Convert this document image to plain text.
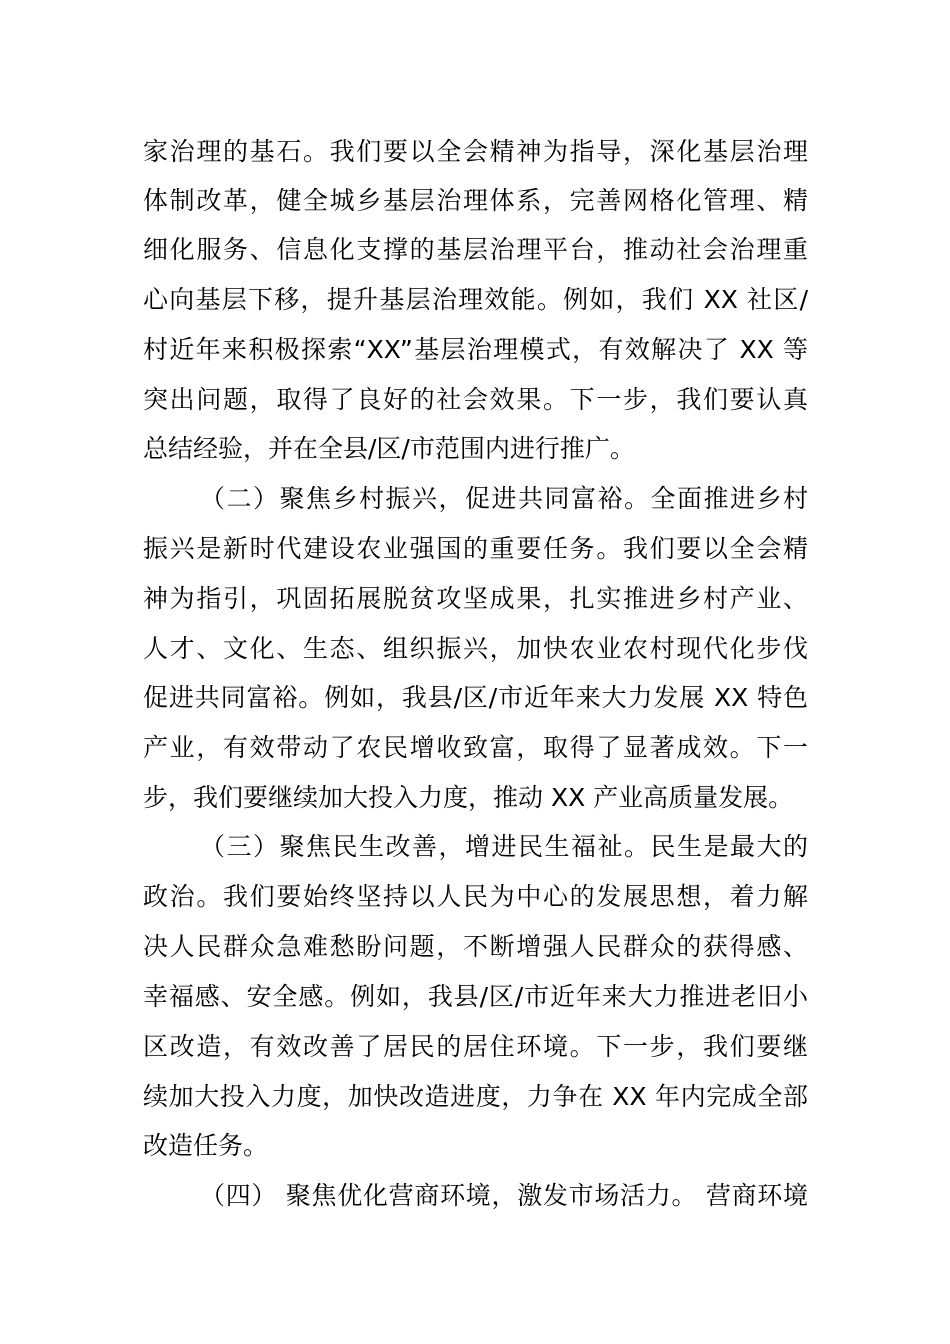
家治理的基石。我们要以全会精神为指导，深化基层治理
体制改革，健全城乡基层治理体系，完善网格化管理、精
细化服务、信息化支撑的基层治理平台，推动社会治理重
心向基层下移，提升基层治理效能。例如，我们 XX 社区/
村近年来积极探索“XX”基层治理模式，有效解决了 XX 等
突出问题，取得了良好的社会效果。下一步，我们要认真
总结经验，并在全县/区/市范围内进行推广。
（二）聚焦乡村振兴，促进共同富裕。全面推进乡村
振兴是新时代建设农业强国的重要任务。我们要以全会精
神为指引，巩固拓展脱贫攻坚成果，扎实推进乡村产业、
人才、文化、生态、组织振兴，加快农业农村现代化步伐
促进共同富裕。例如，我县/区/市近年来大力发展 XX 特色
产业，有效带动了农民增收致富，取得了显著成效。下一
步，我们要继续加大投入力度，推动 XX 产业高质量发展。
（三）聚焦民生改善，增进民生福祉。民生是最大的
政治。我们要始终坚持以人民为中心的发展思想，着力解
决人民群众急难愁盼问题，不断增强人民群众的获得感、
幸福感、安全感。例如，我县/区/市近年来大力推进老旧小
区改造，有效改善了居民的居住环境。下一步，我们要继
续加大投入力度，加快改造进度，力争在 XX 年内完成全部
改造任务。
（四） 聚焦优化营商环境，激发市场活力。 营商环境
